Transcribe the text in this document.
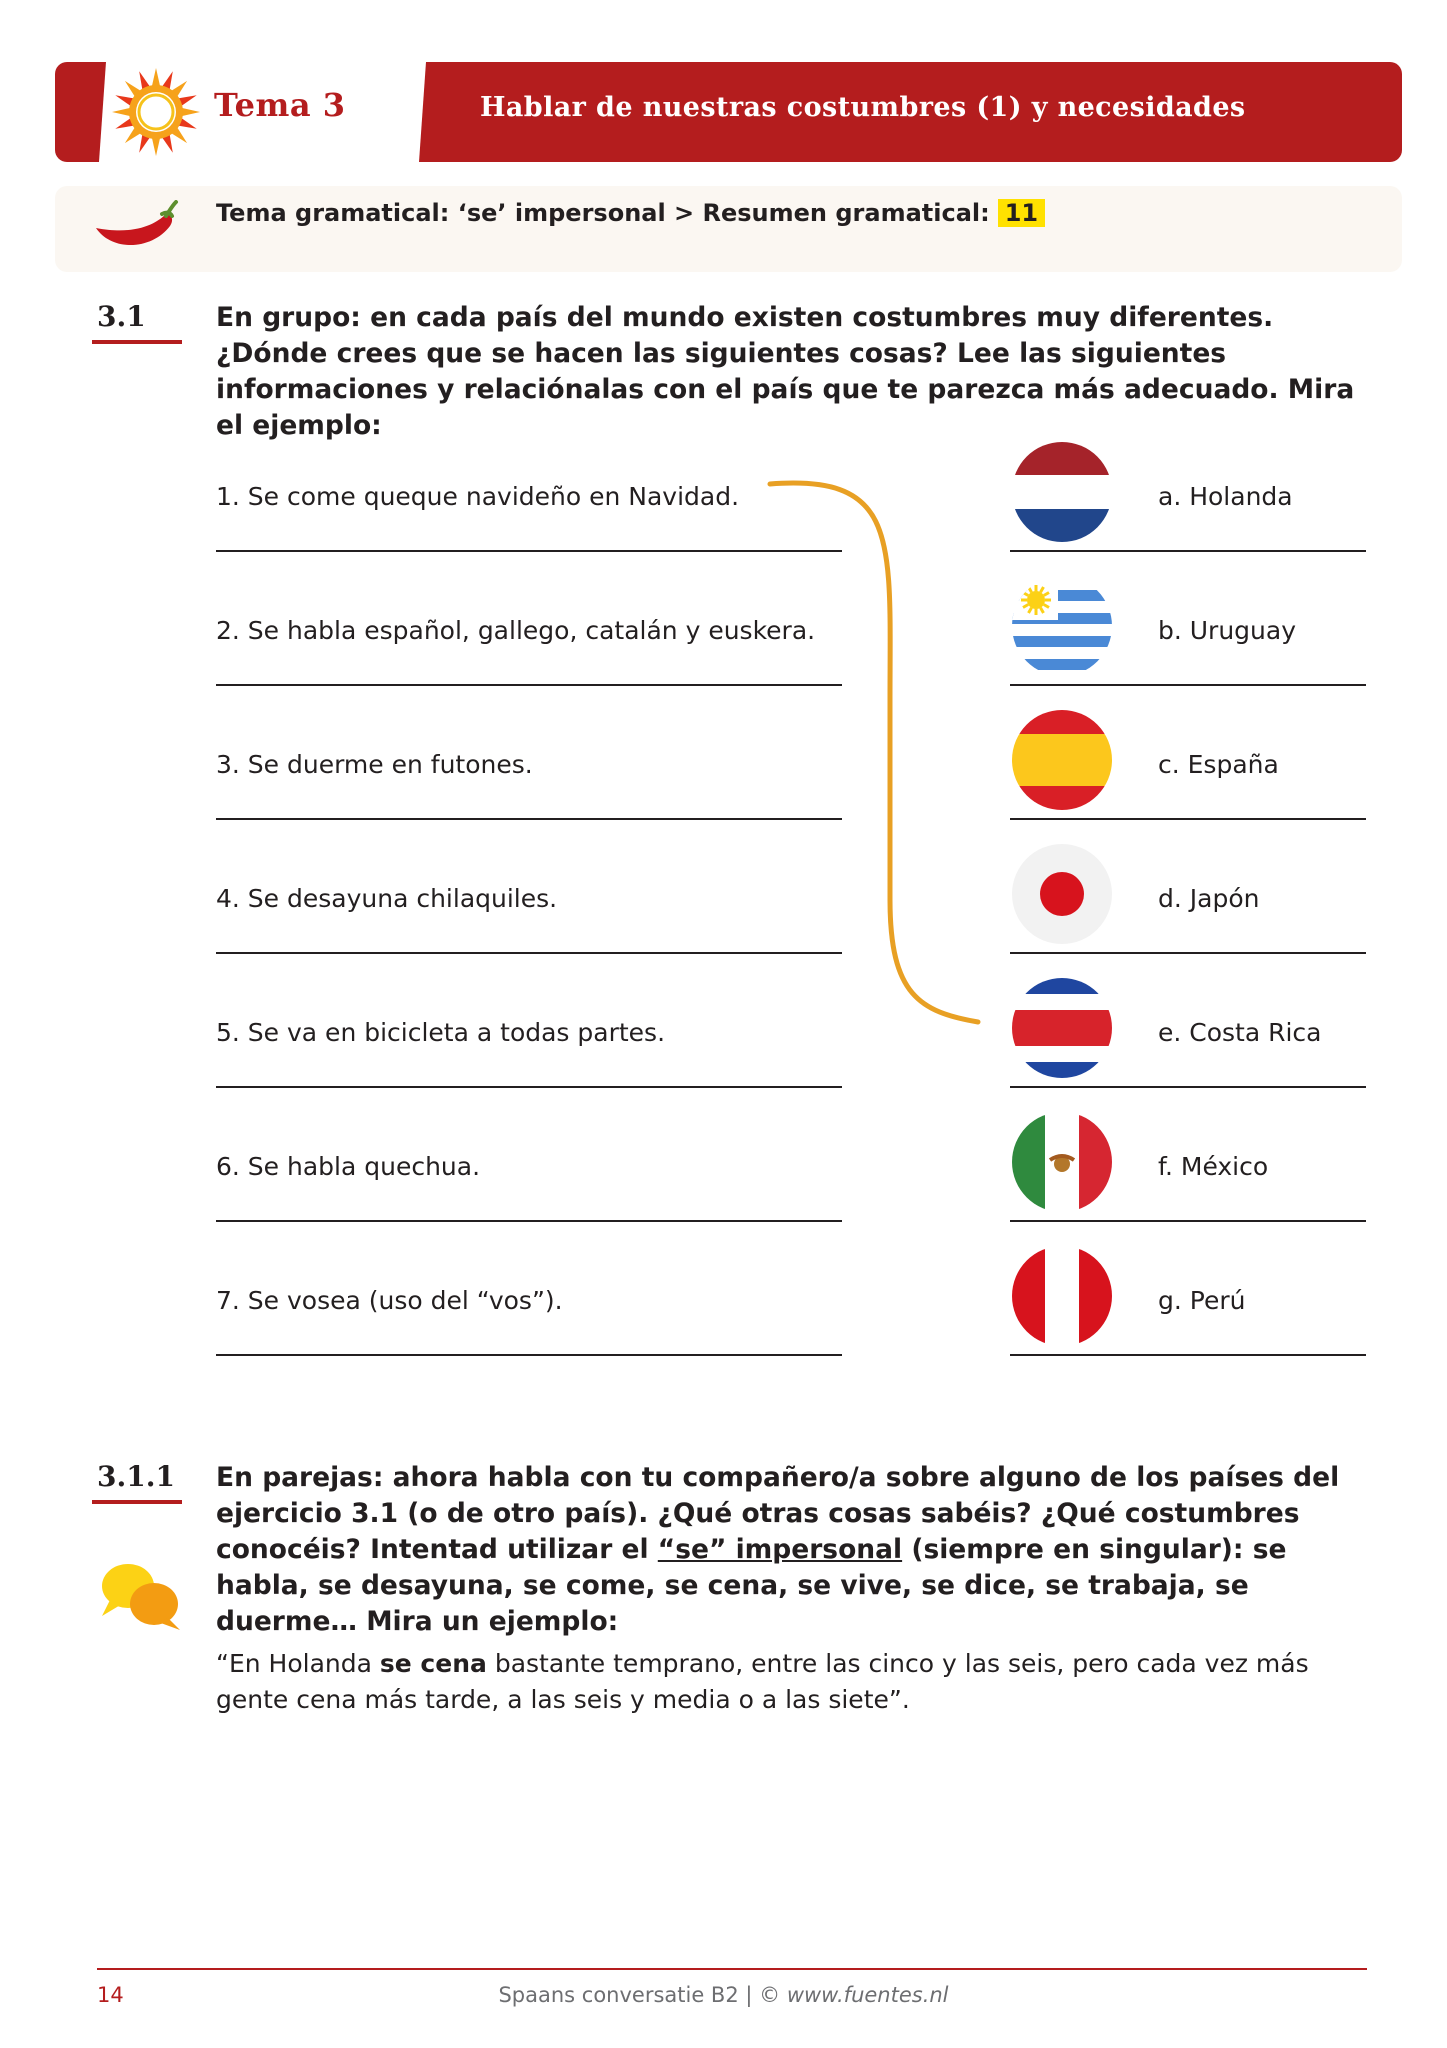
Tema 3	Hablar de nuestras costumbres (1) y necesidades
Tema gramatical: ‘se’ impersonal > Resumen gramatical: 11
3.1	En grupo: en cada país del mundo existen costumbres muy diferentes. ¿Dónde crees que se hacen las siguientes cosas? Lee las siguientes informaciones y relaciónalas con el país que te parezca más adecuado. Mira el ejemplo:
1. Se come queque navideño en Navidad.
2. Se habla español, gallego, catalán y euskera.
3. Se duerme en futones.
4. Se desayuna chilaquiles.
5. Se va en bicicleta a todas partes.
6. Se habla quechua.
7. Se vosea (uso del “vos”).
a. Holanda
b. Uruguay
c. España
d. Japón
e. Costa Rica
f. México
g. Perú
3.1.1 En parejas: ahora habla con tu compañero/a sobre alguno de los países del ejercicio 3.1 (o de otro país). ¿Qué otras cosas sabéis? ¿Qué costumbres conocéis? Intentad utilizar el “se” impersonal (siempre en singular): se habla, se desayuna, se come, se cena, se vive, se dice, se trabaja, se duerme… Mira un ejemplo:
“En Holanda se cena bastante temprano, entre las cinco y las seis, pero cada vez más gente cena más tarde, a las seis y media o a las siete”.
14	Spaans conversatie B2 | © www.fuentes.nl
